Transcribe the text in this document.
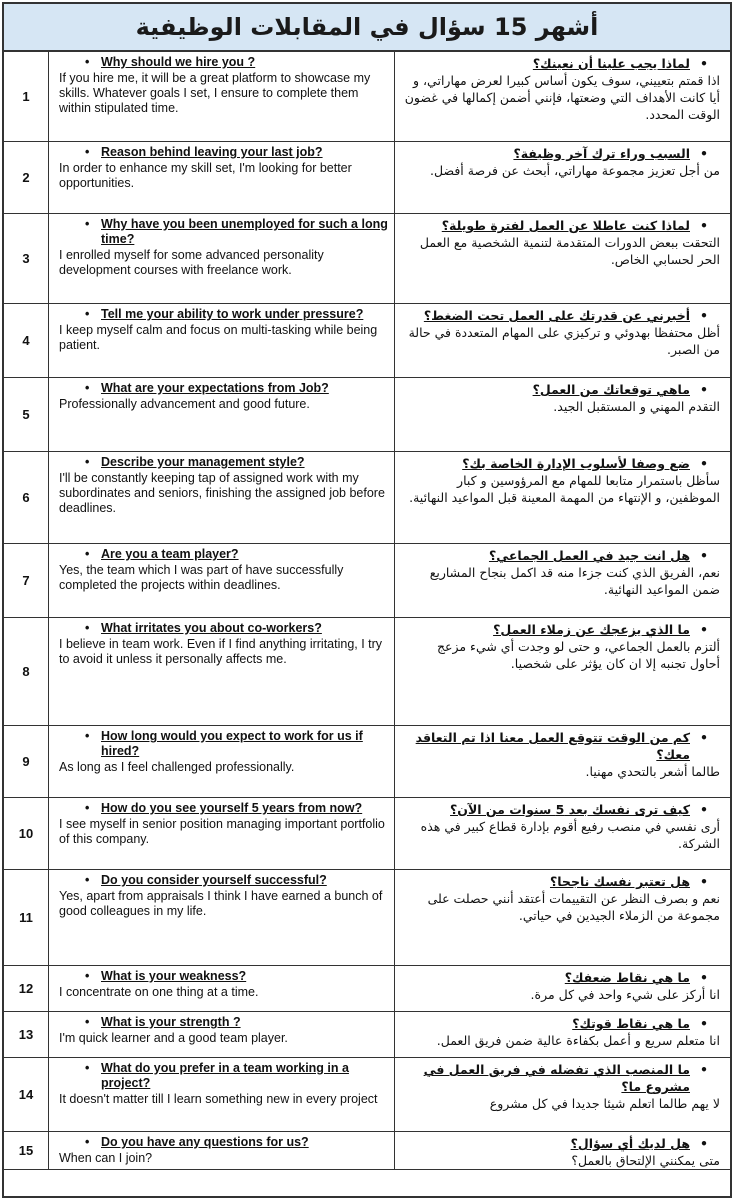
أشهر 15 سؤال في المقابلات الوظيفية
1
• Why should we hire you ?
If you hire me, it will be a great platform to showcase my skills. Whatever goals I set, I ensure to complete them within stipulated time.
• لماذا يجب علينا أن نعينك؟
اذا قمتم بتعييني، سوف يكون أساس كبيرا لعرض مهاراتي، و أيا كانت الأهداف التي وضعتها، فإنني أضمن إكمالها في غضون الوقت المحدد.
2
• Reason behind leaving your last job?
In order to enhance my skill set, I'm looking for better opportunities.
• السبب وراء ترك آخر وظيفة؟
من أجل تعزيز مجموعة مهاراتي، أبحث عن فرصة أفضل.
3
• Why have you been unemployed for such a long time?
I enrolled myself for some advanced personality development courses with freelance work.
• لماذا كنت عاطلا عن العمل لفترة طويلة؟
التحقت ببعض الدورات المتقدمة لتنمية الشخصية مع العمل الحر لحسابي الخاص.
4
• Tell me your ability to work under pressure?
I keep myself calm and focus on multi-tasking while being patient.
• أخبرني عن قدرتك على العمل تحت الضغط؟
أظل محتفظا بهدوئي و تركيزي على المهام المتعددة في حالة من الصبر.
5
• What are your expectations from Job?
Professionally advancement and good future.
• ماهي توقعاتك من العمل؟
التقدم المهني و المستقبل الجيد.
6
• Describe your management style?
I'll be constantly keeping tap of assigned work with my subordinates and seniors, finishing the assigned job before deadlines.
• ضع وصفا لأسلوب الإدارة الخاصة بك؟
سأظل باستمرار متابعا للمهام مع المرؤوسين و كبار الموظفين، و الإنتهاء من المهمة المعينة قبل المواعيد النهائية.
7
• Are you a team player?
Yes, the team which I was part of have successfully completed the projects within deadlines.
• هل انت جيد في العمل الجماعي؟
نعم، الفريق الذي كنت جزءا منه قد اكمل بنجاح المشاريع ضمن المواعيد النهائية.
8
• What irritates you about co-workers?
I believe in team work. Even if I find anything irritating, I try to avoid it unless it personally affects me.
• ما الذي يزعجك عن زملاء العمل؟
ألتزم بالعمل الجماعي، و حتى لو وجدت أي شيء مزعج أحاول تجنبه إلا ان كان يؤثر على شخصيا.
9
• How long would you expect to work for us if hired?
As long as I feel challenged professionally.
• كم من الوقت تتوقع العمل معنا اذا تم التعاقد معك؟
طالما أشعر بالتحدي مهنيا.
10
• How do you see yourself 5 years from now?
I see myself in senior position managing important portfolio of this company.
• كيف ترى نفسك بعد 5 سنوات من الآن؟
أرى نفسي في منصب رفيع أقوم بإدارة قطاع كبير في هذه الشركة.
11
• Do you consider yourself successful?
Yes, apart from appraisals I think I have earned a bunch of good colleagues in my life.
• هل تعتبر نفسك ناجحا؟
نعم و بصرف النظر عن التقييمات أعتقد أنني حصلت على مجموعة من الزملاء الجيدين في حياتي.
12
• What is your weakness?
I concentrate on one thing at a time.
• ما هي نقاط ضعفك؟
انا أركز على شيء واحد في كل مرة.
13
• What is your strength ?
I'm quick learner and a good team player.
• ما هي نقاط قوتك؟
انا متعلم سريع و أعمل بكفاءة عالية ضمن فريق العمل.
14
• What do you prefer in a team working in a project?
It doesn't matter till I learn something new in every project
• ما المنصب الذي تفضله في فريق العمل في مشروع ما؟
لا يهم طالما اتعلم شيئا جديدا في كل مشروع
15
• Do you have any questions for us?
When can I join?
• هل لديك أي سؤال؟
متى يمكنني الإلتحاق بالعمل؟
